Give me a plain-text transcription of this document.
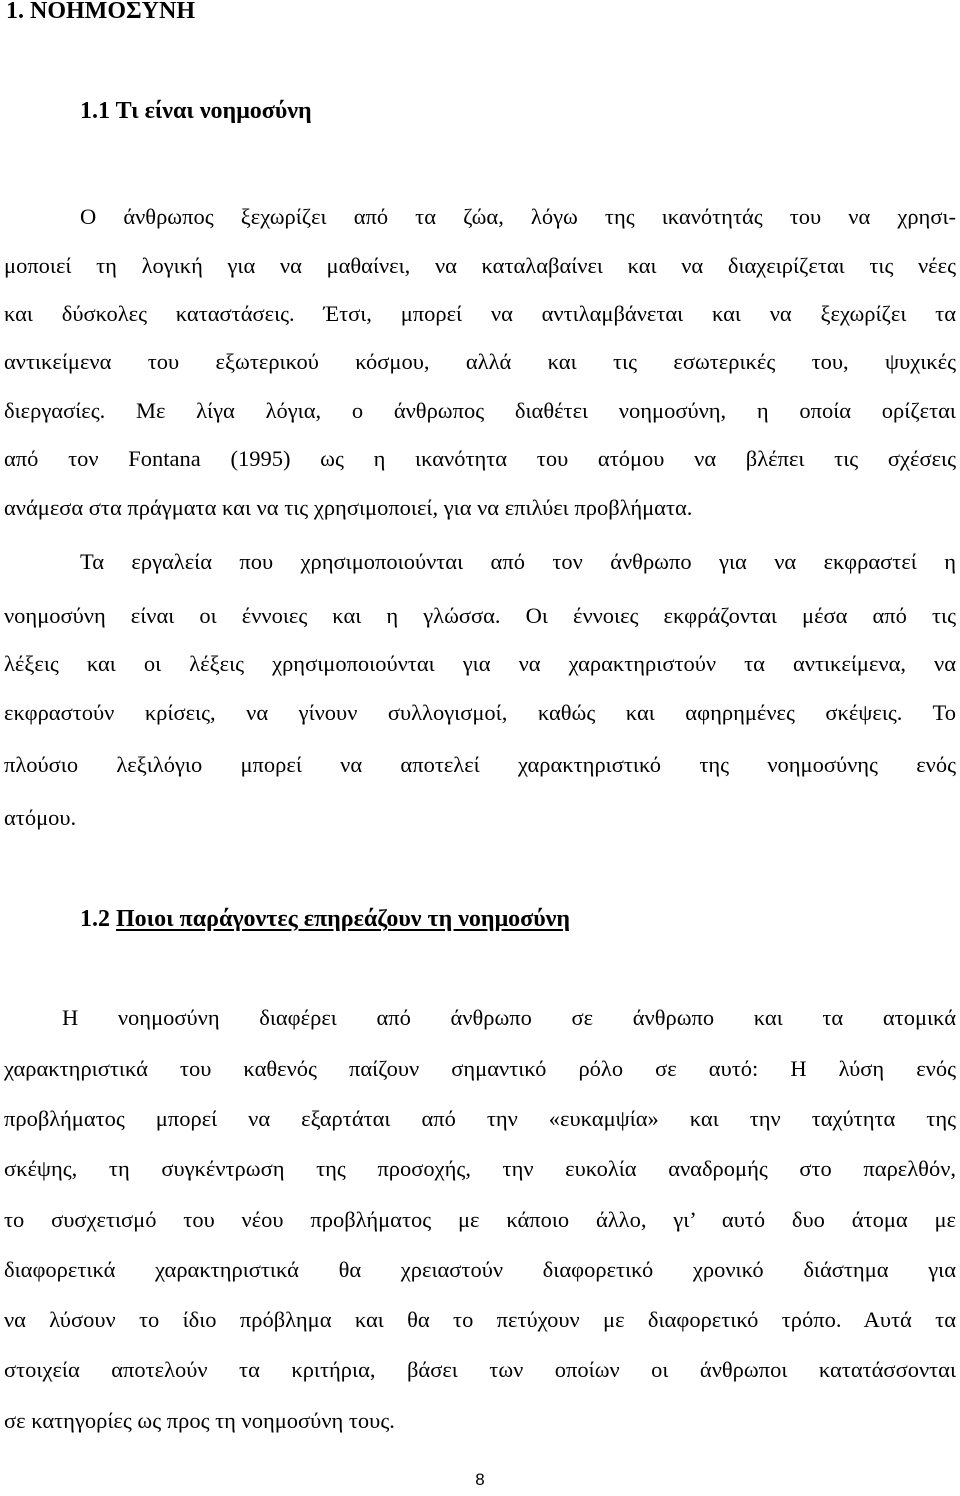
1. ΝΟΗΜΟΣΥΝΗ
1.1 Τι είναι νοημοσύνη
Ο άνθρωπος ξεχωρίζει από τα ζώα, λόγω της ικανότητάς του να χρησι-
μοποιεί τη λογική για να μαθαίνει, να καταλαβαίνει και να διαχειρίζεται τις νέες
και δύσκολες καταστάσεις. Έτσι, μπορεί να αντιλαμβάνεται και να ξεχωρίζει τα
αντικείμενα του εξωτερικού κόσμου, αλλά και τις εσωτερικές του, ψυχικές
διεργασίες. Με λίγα λόγια, ο άνθρωπος διαθέτει νοημοσύνη, η οποία ορίζεται
από τον Fontana (1995) ως η ικανότητα του ατόμου να βλέπει τις σχέσεις
ανάμεσα στα πράγματα και να τις χρησιμοποιεί, για να επιλύει προβλήματα.
Τα εργαλεία που χρησιμοποιούνται από τον άνθρωπο για να εκφραστεί η
νοημοσύνη είναι οι έννοιες και η γλώσσα. Οι έννοιες εκφράζονται μέσα από τις
λέξεις και οι λέξεις χρησιμοποιούνται για να χαρακτηριστούν τα αντικείμενα, να
εκφραστούν κρίσεις, να γίνουν συλλογισμοί, καθώς και αφηρημένες σκέψεις. Το
πλούσιο λεξιλόγιο μπορεί να αποτελεί χαρακτηριστικό της νοημοσύνης ενός
ατόμου.
1.2 Ποιοι παράγοντες επηρεάζουν τη νοημοσύνη
Η νοημοσύνη διαφέρει από άνθρωπο σε άνθρωπο και τα ατομικά
χαρακτηριστικά του καθενός παίζουν σημαντικό ρόλο σε αυτό: Η λύση ενός
προβλήματος μπορεί να εξαρτάται από την «ευκαμψία» και την ταχύτητα της
σκέψης, τη συγκέντρωση της προσοχής, την ευκολία αναδρομής στο παρελθόν,
το συσχετισμό του νέου προβλήματος με κάποιο άλλο, γι’ αυτό δυο άτομα με
διαφορετικά χαρακτηριστικά θα χρειαστούν διαφορετικό χρονικό διάστημα για
να λύσουν το ίδιο πρόβλημα και θα το πετύχουν με διαφορετικό τρόπο. Αυτά τα
στοιχεία αποτελούν τα κριτήρια, βάσει των οποίων οι άνθρωποι κατατάσσονται
σε κατηγορίες ως προς τη νοημοσύνη τους.
8
